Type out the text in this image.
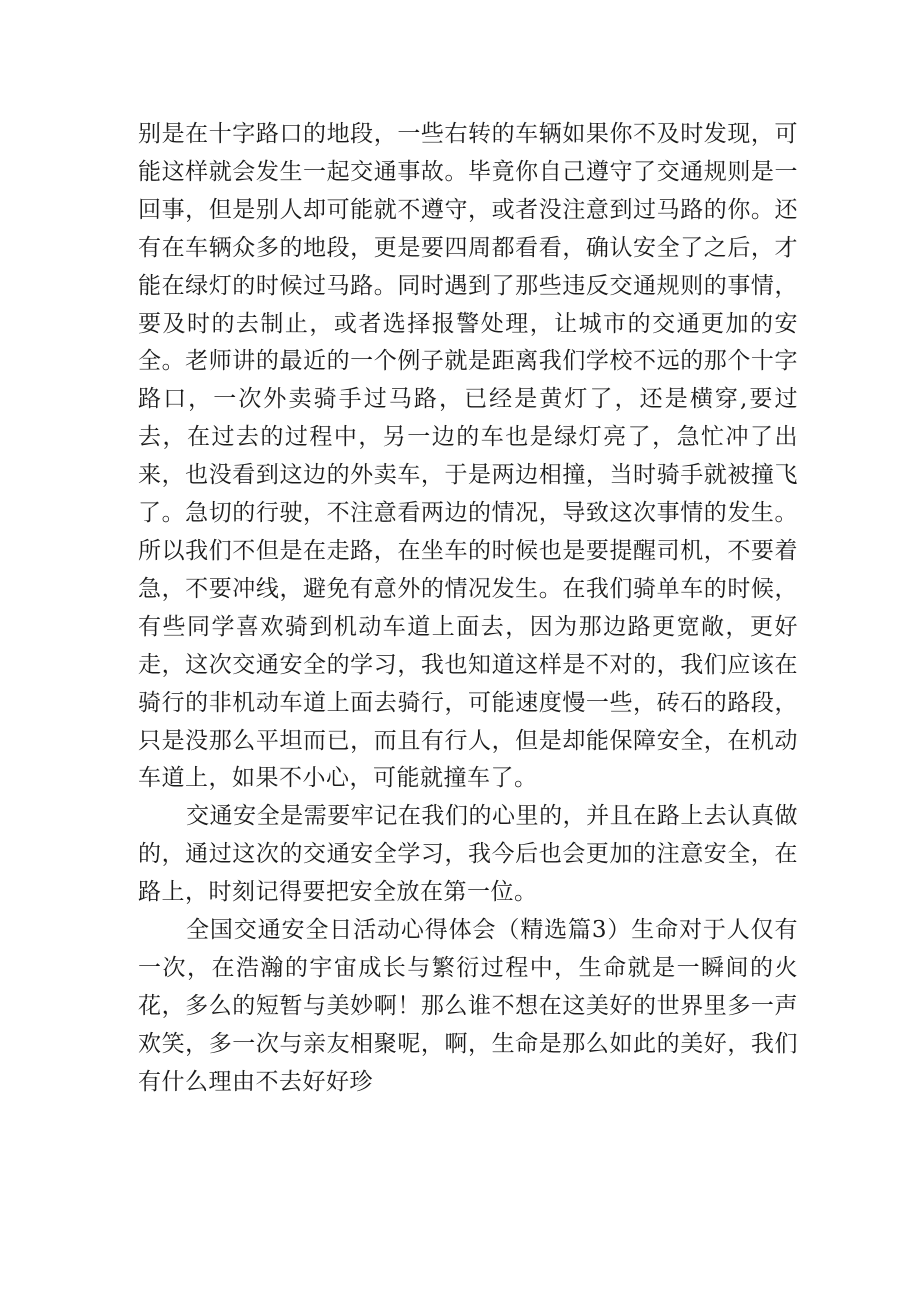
别是在十字路口的地段，一些右转的车辆如果你不及时发现，可能这样就会发生一起交通事故。毕竟你自己遵守了交通规则是一回事，但是别人却可能就不遵守，或者没注意到过马路的你。还有在车辆众多的地段，更是要四周都看看，确认安全了之后，才能在绿灯的时候过马路。同时遇到了那些违反交通规则的事情，要及时的去制止，或者选择报警处理，让城市的交通更加的安全。老师讲的最近的一个例子就是距离我们学校不远的那个十字路口，一次外卖骑手过马路，已经是黄灯了，还是横穿,要过去，在过去的过程中，另一边的车也是绿灯亮了，急忙冲了出来，也没看到这边的外卖车，于是两边相撞，当时骑手就被撞飞了。急切的行驶，不注意看两边的情况，导致这次事情的发生。所以我们不但是在走路，在坐车的时候也是要提醒司机，不要着急，不要冲线，避免有意外的情况发生。在我们骑单车的时候，有些同学喜欢骑到机动车道上面去，因为那边路更宽敞，更好走，这次交通安全的学习，我也知道这样是不对的，我们应该在骑行的非机动车道上面去骑行，可能速度慢一些，砖石的路段，只是没那么平坦而已，而且有行人，但是却能保障安全，在机动车道上，如果不小心，可能就撞车了。

交通安全是需要牢记在我们的心里的，并且在路上去认真做的，通过这次的交通安全学习，我今后也会更加的注意安全，在路上，时刻记得要把安全放在第一位。

全国交通安全日活动心得体会（精选篇3）生命对于人仅有一次，在浩瀚的宇宙成长与繁衍过程中，生命就是一瞬间的火花，多么的短暂与美妙啊！那么谁不想在这美好的世界里多一声欢笑，多一次与亲友相聚呢，啊，生命是那么如此的美好，我们有什么理由不去好好珍
